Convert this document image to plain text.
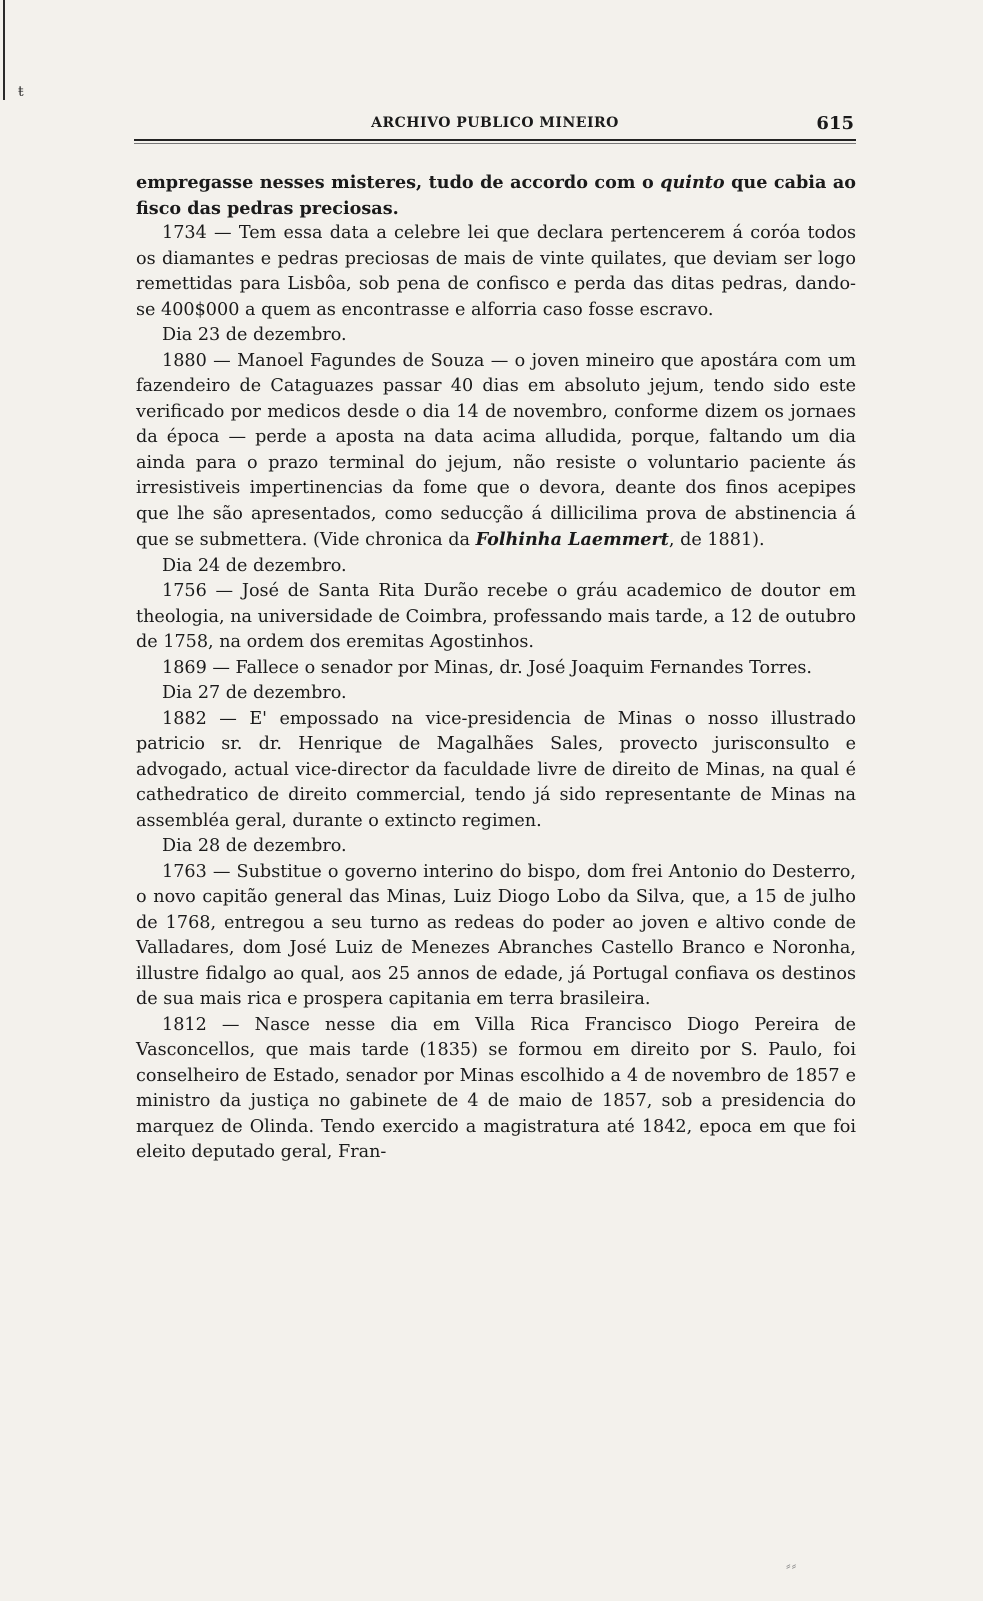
ŧ
ARCHIVO PUBLICO MINEIRO	615

empregasse nesses misteres, tudo de accordo com o quinto que cabia ao fisco das pedras preciosas.

1734 — Tem essa data a celebre lei que declara pertencerem á coróa todos os diamantes e pedras preciosas de mais de vinte quilates, que deviam ser logo remettidas para Lisbôa, sob pena de confisco e perda das ditas pedras, dando-se 400$000 a quem as encontrasse e alforria caso fosse escravo.

Dia 23 de dezembro.

1880 — Manoel Fagundes de Souza — o joven mineiro que apostára com um fazendeiro de Cataguazes passar 40 dias em absoluto jejum, tendo sido este verificado por medicos desde o dia 14 de novembro, conforme dizem os jornaes da época — perde a aposta na data acima alludida, porque, faltando um dia ainda para o prazo terminal do jejum, não resiste o voluntario paciente ás irresistiveis impertinencias da fome que o devora, deante dos finos acepipes que lhe são apresentados, como seducção á dillicilima prova de abstinencia á que se submettera. (Vide chronica da Folhinha Laemmert, de 1881).

Dia 24 de dezembro.

1756 — José de Santa Rita Durão recebe o gráu academico de doutor em theologia, na universidade de Coimbra, professando mais tarde, a 12 de outubro de 1758, na ordem dos eremitas Agostinhos.

1869 — Fallece o senador por Minas, dr. José Joaquim Fernandes Torres.

Dia 27 de dezembro.

1882 — E' empossado na vice-presidencia de Minas o nosso illustrado patricio sr. dr. Henrique de Magalhães Sales, provecto jurisconsulto e advogado, actual vice-director da faculdade livre de direito de Minas, na qual é cathedratico de direito commercial, tendo já sido representante de Minas na assembléa geral, durante o extincto regimen.

Dia 28 de dezembro.

1763 — Substitue o governo interino do bispo, dom frei Antonio do Desterro, o novo capitão general das Minas, Luiz Diogo Lobo da Silva, que, a 15 de julho de 1768, entregou a seu turno as redeas do poder ao joven e altivo conde de Valladares, dom José Luiz de Menezes Abranches Castello Branco e Noronha, illustre fidalgo ao qual, aos 25 annos de edade, já Portugal confiava os destinos de sua mais rica e prospera capitania em terra brasileira.

1812 — Nasce nesse dia em Villa Rica Francisco Diogo Pereira de Vasconcellos, que mais tarde (1835) se formou em direito por S. Paulo, foi conselheiro de Estado, senador por Minas escolhido a 4 de novembro de 1857 e ministro da justiça no gabinete de 4 de maio de 1857, sob a presidencia do marquez de Olinda. Tendo exercido a magistratura até 1842, epoca em que foi eleito deputado geral, Fran-

⸗⸗
